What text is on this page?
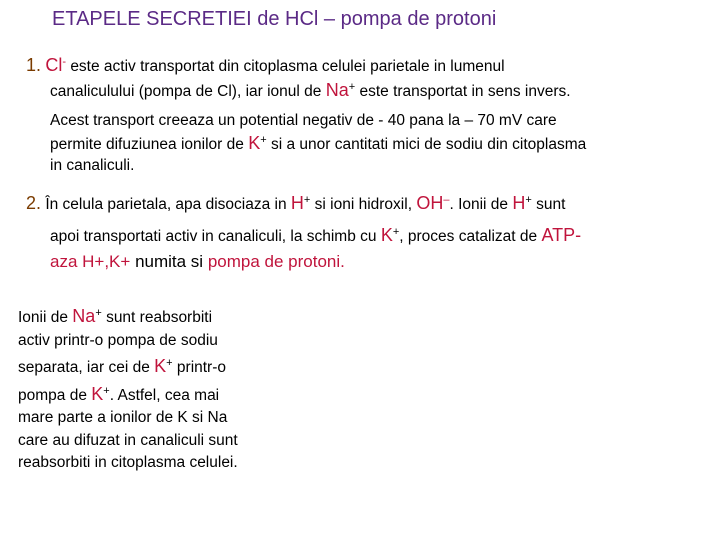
ETAPELE SECRETIEI de HCl – pompa de protoni
1. Cl- este activ transportat din citoplasma celulei parietale in lumenul
canaliculului (pompa de Cl), iar ionul de Na+ este transportat in sens invers.
Acest transport creeaza un potential negativ de - 40 pana la – 70 mV care
permite difuziunea ionilor de K+ si a unor cantitati mici de sodiu din citoplasma
in canaliculi.
2. În celula parietala, apa disociaza in H+ si ioni hidroxil, OH–. Ionii de H+ sunt
apoi transportati activ in canaliculi, la schimb cu K+, proces catalizat de ATP-
aza H+,K+ numita si pompa de protoni.
Ionii de Na+ sunt reabsorbiti
activ printr-o pompa de sodiu
separata, iar cei de K+ printr-o
pompa de K+. Astfel, cea mai
mare parte a ionilor de K si Na
care au difuzat in canaliculi sunt
reabsorbiti in citoplasma celulei.
